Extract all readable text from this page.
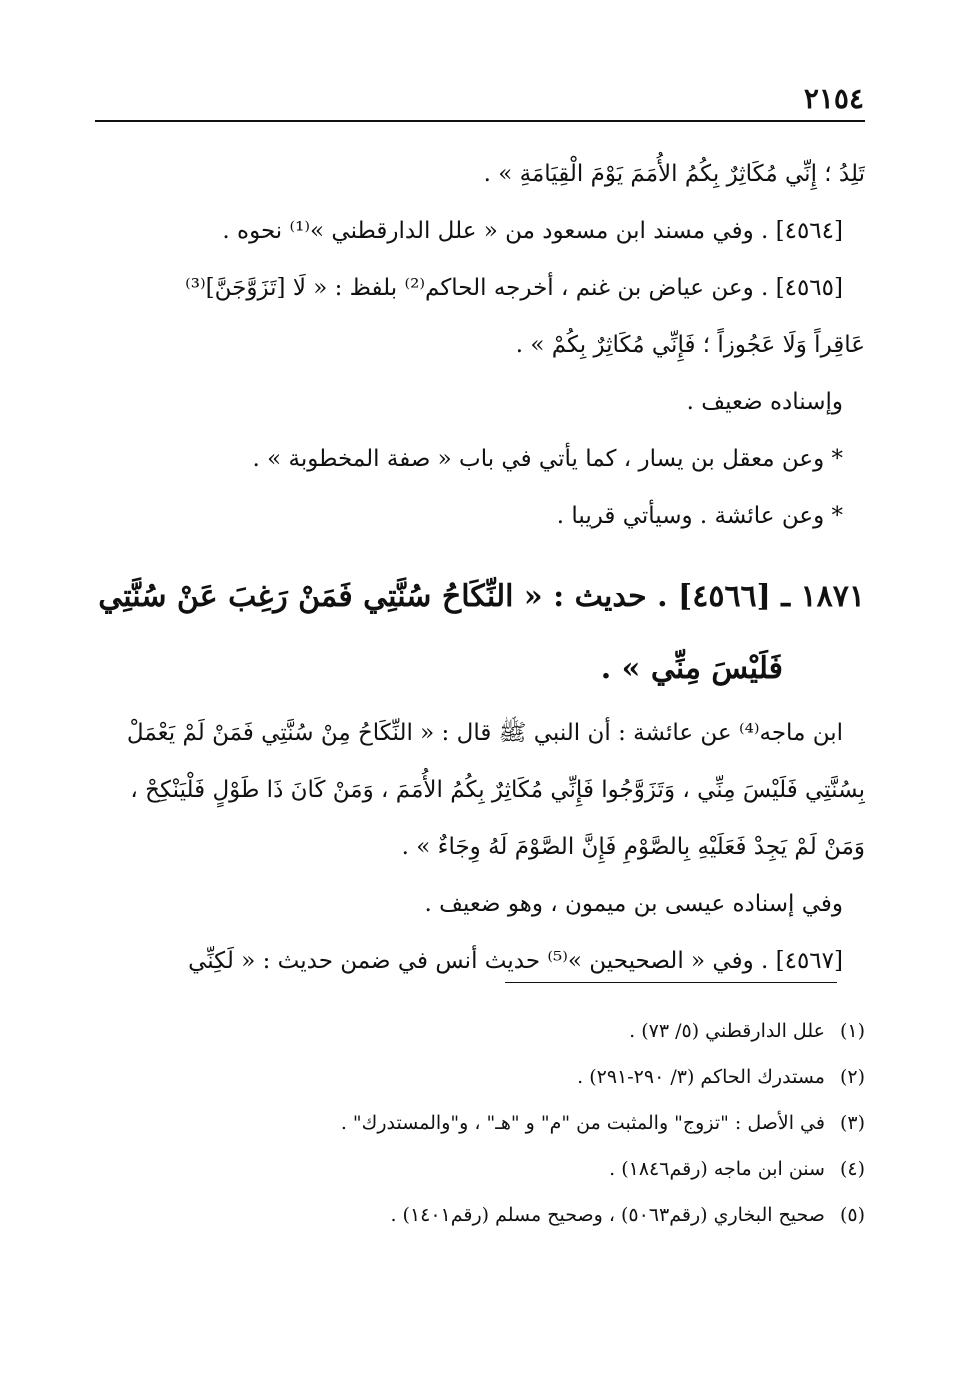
٢١٥٤
تَلِدُ ؛ إِنِّي مُكَاثِرٌ بِكُمُ الأُمَمَ يَوْمَ الْقِيَامَةِ » .
[٤٥٦٤] . وفي مسند ابن مسعود من « علل الدارقطني »⁽¹⁾ نحوه .
[٤٥٦٥] . وعن عياض بن غنم ، أخرجه الحاكم⁽²⁾ بلفظ : « لَا [تَزَوَّجَنَّ]⁽³⁾
عَاقِراً وَلَا عَجُوزاً ؛ فَإِنِّي مُكَاثِرٌ بِكُمْ » .
وإسناده ضعيف .
* وعن معقل بن يسار ، كما يأتي في باب « صفة المخطوبة » .
* وعن عائشة . وسيأتي قريبا .
١٨٧١ ـ [٤٥٦٦] . حديث : « النِّكَاحُ سُنَّتِي فَمَنْ رَغِبَ عَنْ سُنَّتِي
فَلَيْسَ مِنِّي » .
ابن ماجه⁽⁴⁾ عن عائشة : أن النبي ﷺ قال : « النِّكَاحُ مِنْ سُنَّتِي فَمَنْ لَمْ يَعْمَلْ
بِسُنَّتِي فَلَيْسَ مِنِّي ، وَتَزَوَّجُوا فَإِنِّي مُكَاثِرٌ بِكُمُ الأُمَمَ ، وَمَنْ كَانَ ذَا طَوْلٍ فَلْيَنْكِحْ ،
وَمَنْ لَمْ يَجِدْ فَعَلَيْهِ بِالصَّوْمِ فَإِنَّ الصَّوْمَ لَهُ وِجَاءٌ » .
وفي إسناده عيسى بن ميمون ، وهو ضعيف .
[٤٥٦٧] . وفي « الصحيحين »⁽⁵⁾ حديث أنس في ضمن حديث : « لَكِنِّي
(١) علل الدارقطني (٥/ ٧٣) .
(٢) مستدرك الحاكم (٣/ ٢٩٠-٢٩١) .
(٣) في الأصل : "تزوج" والمثبت من "م" و "هـ" ، و"والمستدرك" .
(٤) سنن ابن ماجه (رقم١٨٤٦) .
(٥) صحيح البخاري (رقم٥٠٦٣) ، وصحيح مسلم (رقم١٤٠١) .
